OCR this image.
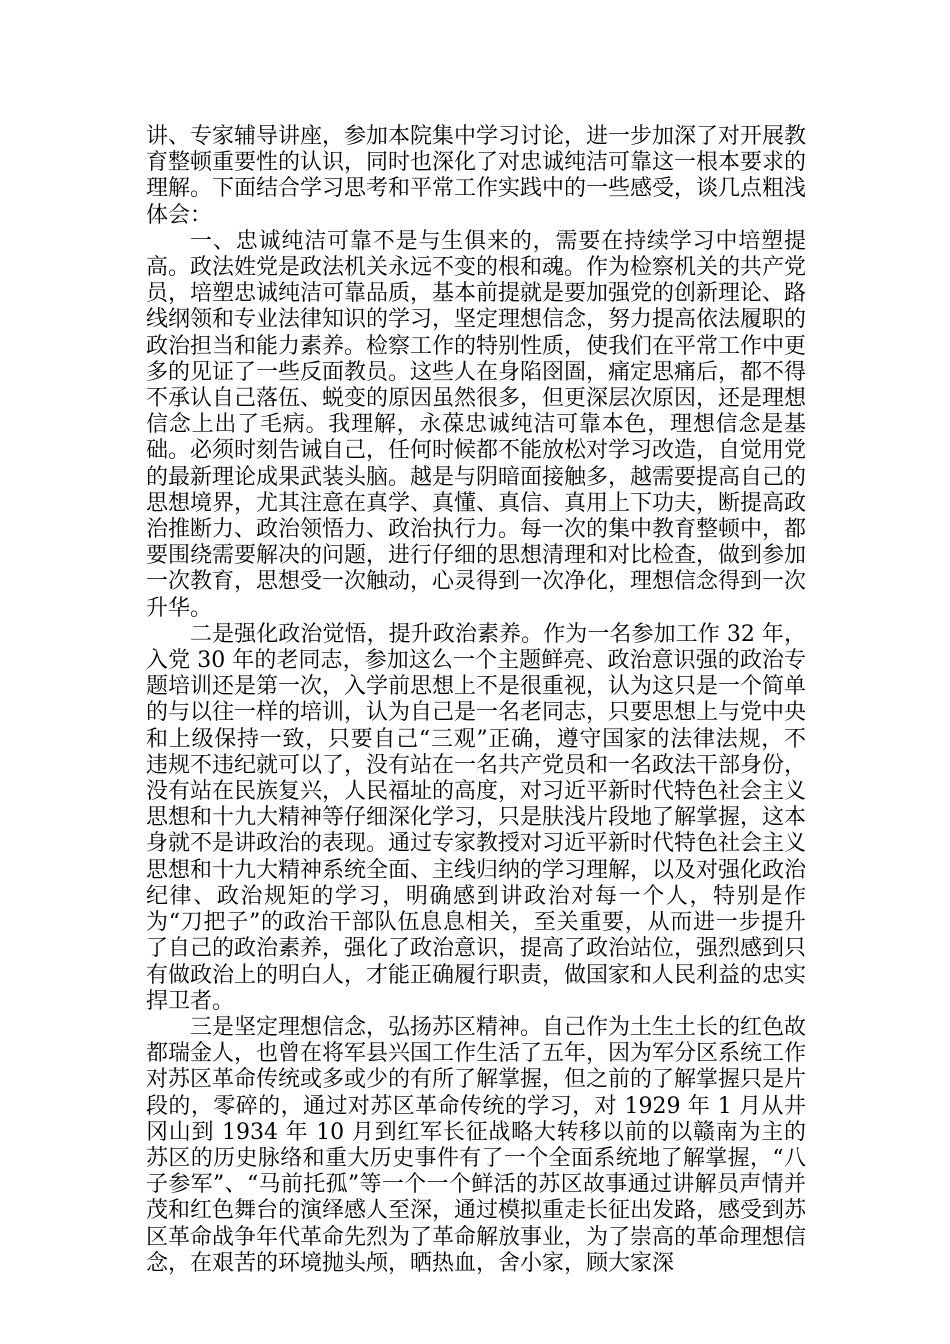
讲、专家辅导讲座，参加本院集中学习讨论，进一步加深了对开展教育整顿重要性的认识，同时也深化了对忠诚纯洁可靠这一根本要求的理解。下面结合学习思考和平常工作实践中的一些感受，谈几点粗浅体会：

一、忠诚纯洁可靠不是与生俱来的，需要在持续学习中培塑提高。政法姓党是政法机关永远不变的根和魂。作为检察机关的共产党员，培塑忠诚纯洁可靠品质，基本前提就是要加强党的创新理论、路线纲领和专业法律知识的学习，坚定理想信念，努力提高依法履职的政治担当和能力素养。检察工作的特别性质，使我们在平常工作中更多的见证了一些反面教员。这些人在身陷囹圄，痛定思痛后，都不得不承认自己落伍、蜕变的原因虽然很多，但更深层次原因，还是理想信念上出了毛病。我理解，永葆忠诚纯洁可靠本色，理想信念是基础。必须时刻告诫自己，任何时候都不能放松对学习改造，自觉用党的最新理论成果武装头脑。越是与阴暗面接触多，越需要提高自己的思想境界，尤其注意在真学、真懂、真信、真用上下功夫，断提高政治推断力、政治领悟力、政治执行力。每一次的集中教育整顿中，都要围绕需要解决的问题，进行仔细的思想清理和对比检查，做到参加一次教育，思想受一次触动，心灵得到一次净化，理想信念得到一次升华。

二是强化政治觉悟，提升政治素养。作为一名参加工作 32 年，入党 30 年的老同志，参加这么一个主题鲜亮、政治意识强的政治专题培训还是第一次，入学前思想上不是很重视，认为这只是一个简单的与以往一样的培训，认为自己是一名老同志，只要思想上与党中央和上级保持一致，只要自己“三观”正确，遵守国家的法律法规，不违规不违纪就可以了，没有站在一名共产党员和一名政法干部身份，没有站在民族复兴，人民福址的高度，对习近平新时代特色社会主义思想和十九大精神等仔细深化学习，只是肤浅片段地了解掌握，这本身就不是讲政治的表现。通过专家教授对习近平新时代特色社会主义思想和十九大精神系统全面、主线归纳的学习理解，以及对强化政治纪律、政治规矩的学习，明确感到讲政治对每一个人，特别是作为“刀把子”的政治干部队伍息息相关，至关重要，从而进一步提升了自己的政治素养，强化了政治意识，提高了政治站位，强烈感到只有做政治上的明白人，才能正确履行职责，做国家和人民利益的忠实捍卫者。

三是坚定理想信念，弘扬苏区精神。自己作为土生土长的红色故都瑞金人，也曾在将军县兴国工作生活了五年，因为军分区系统工作对苏区革命传统或多或少的有所了解掌握，但之前的了解掌握只是片段的，零碎的，通过对苏区革命传统的学习，对 1929 年 1 月从井冈山到 1934 年 10 月到红军长征战略大转移以前的以赣南为主的苏区的历史脉络和重大历史事件有了一个全面系统地了解掌握，“八子参军”、“马前托孤”等一个一个鲜活的苏区故事通过讲解员声情并茂和红色舞台的演绎感人至深，通过模拟重走长征出发路，感受到苏区革命战争年代革命先烈为了革命解放事业，为了崇高的革命理想信念，在艰苦的环境抛头颅，晒热血，舍小家，顾大家深
